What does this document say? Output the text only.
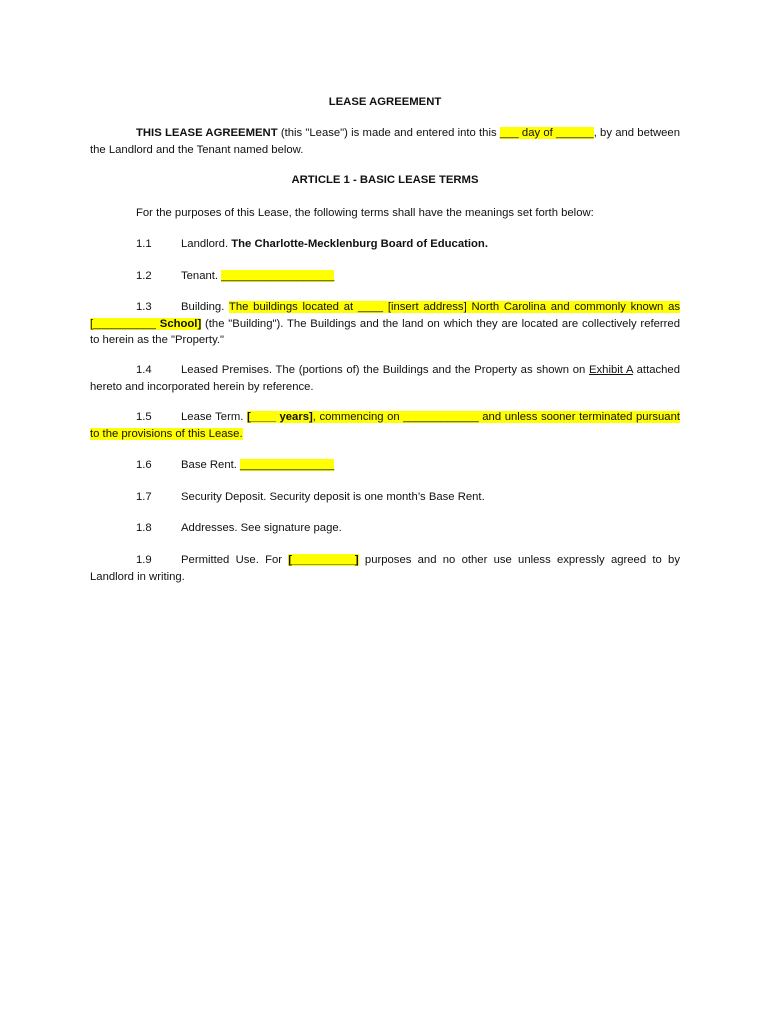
LEASE AGREEMENT
THIS LEASE AGREEMENT (this "Lease") is made and entered into this ___ day of ______, by and between the Landlord and the Tenant named below.
ARTICLE 1 - BASIC LEASE TERMS
For the purposes of this Lease, the following terms shall have the meanings set forth below:
1.1	Landlord. The Charlotte-Mecklenburg Board of Education.
1.2	Tenant. __________________
1.3	Building. The buildings located at ____ [insert address] North Carolina and commonly known as [__________ School] (the "Building"). The Buildings and the land on which they are located are collectively referred to herein as the "Property."
1.4	Leased Premises. The (portions of) the Buildings and the Property as shown on Exhibit A attached hereto and incorporated herein by reference.
1.5	Lease Term. [____ years], commencing on ____________ and unless sooner terminated pursuant to the provisions of this Lease.
1.6	Base Rent. _______________
1.7	Security Deposit. Security deposit is one month’s Base Rent.
1.8	Addresses. See signature page.
1.9	Permitted Use. For [__________] purposes and no other use unless expressly agreed to by Landlord in writing.
